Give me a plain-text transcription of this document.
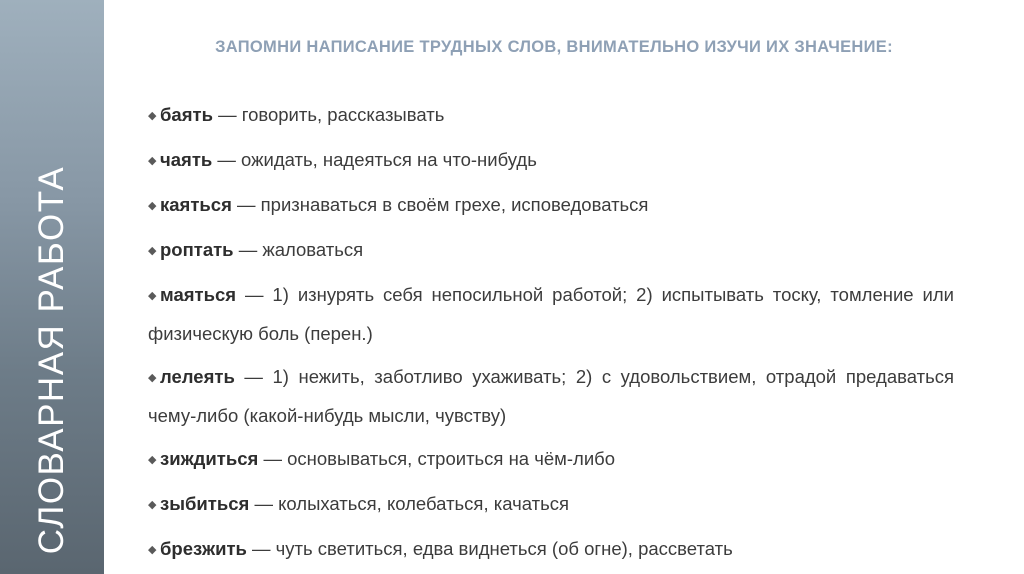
СЛОВАРНАЯ РАБОТА
ЗАПОМНИ НАПИСАНИЕ ТРУДНЫХ СЛОВ, ВНИМАТЕЛЬНО ИЗУЧИ ИХ ЗНАЧЕНИЕ:
◆ баять — говорить, рассказывать
◆ чаять — ожидать, надеяться на что-нибудь
◆ каяться — признаваться в своём грехе, исповедоваться
◆ роптать — жаловаться
◆ маяться — 1) изнурять себя непосильной работой; 2) испытывать тоску, томление или физическую боль (перен.)
◆ лелеять — 1) нежить, заботливо ухаживать; 2) с удовольствием, отрадой предаваться чему-либо (какой-нибудь мысли, чувству)
◆ зиждиться — основываться, строиться на чём-либо
◆ зыбиться — колыхаться, колебаться, качаться
◆ брезжить — чуть светиться, едва виднеться (об огне), рассветать
